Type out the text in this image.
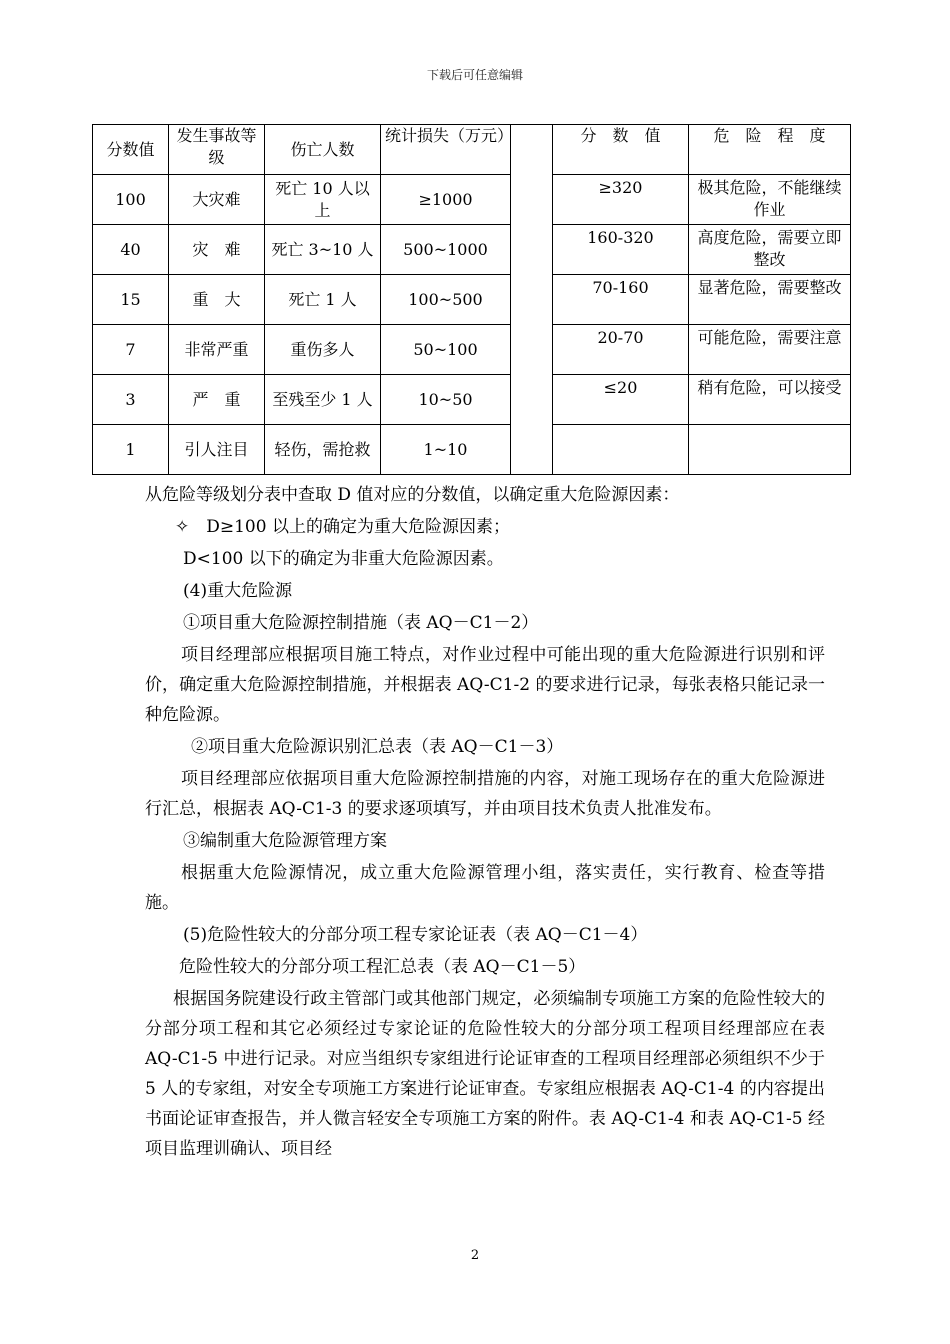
下载后可任意编辑
分数值	发生事故等级	伤亡人数	统计损失（万元）		分　数　值	危　险　程　度
100	大灾难	死亡 10 人以上	≥1000		≥320	极其危险，不能继续作业
40	灾　难	死亡 3~10 人	500~1000		160-320	高度危险，需要立即整改
15	重　大	死亡 1 人	100~500		70-160	显著危险，需要整改
7	非常严重	重伤多人	50~100		20-70	可能危险，需要注意
3	严　重	至残至少 1 人	10~50		≤20	稍有危险，可以接受
1	引人注目	轻伤，需抢救	1~10			

从危险等级划分表中查取 D 值对应的分数值，以确定重大危险源因素：

✧　D≥100 以上的确定为重大危险源因素；

D<100 以下的确定为非重大危险源因素。

(4)重大危险源

①项目重大危险源控制措施（表 AQ－C1－2）

项目经理部应根据项目施工特点，对作业过程中可能出现的重大危险源进行识别和评价，确定重大危险源控制措施，并根据表 AQ-C1-2 的要求进行记录，每张表格只能记录一种危险源。

②项目重大危险源识别汇总表（表 AQ－C1－3）

项目经理部应依据项目重大危险源控制措施的内容，对施工现场存在的重大危险源进行汇总，根据表 AQ-C1-3 的要求逐项填写，并由项目技术负责人批准发布。

③编制重大危险源管理方案

根据重大危险源情况，成立重大危险源管理小组，落实责任，实行教育、检查等措施。

(5)危险性较大的分部分项工程专家论证表（表 AQ－C1－4）

危险性较大的分部分项工程汇总表（表 AQ－C1－5）

根据国务院建设行政主管部门或其他部门规定，必须编制专项施工方案的危险性较大的分部分项工程和其它必须经过专家论证的危险性较大的分部分项工程项目经理部应在表 AQ-C1-5 中进行记录。对应当组织专家组进行论证审查的工程项目经理部必须组织不少于 5 人的专家组，对安全专项施工方案进行论证审查。专家组应根据表 AQ-C1-4 的内容提出书面论证审查报告，并人微言轻安全专项施工方案的附件。表 AQ-C1-4 和表 AQ-C1-5 经项目监理训确认、项目经

2
